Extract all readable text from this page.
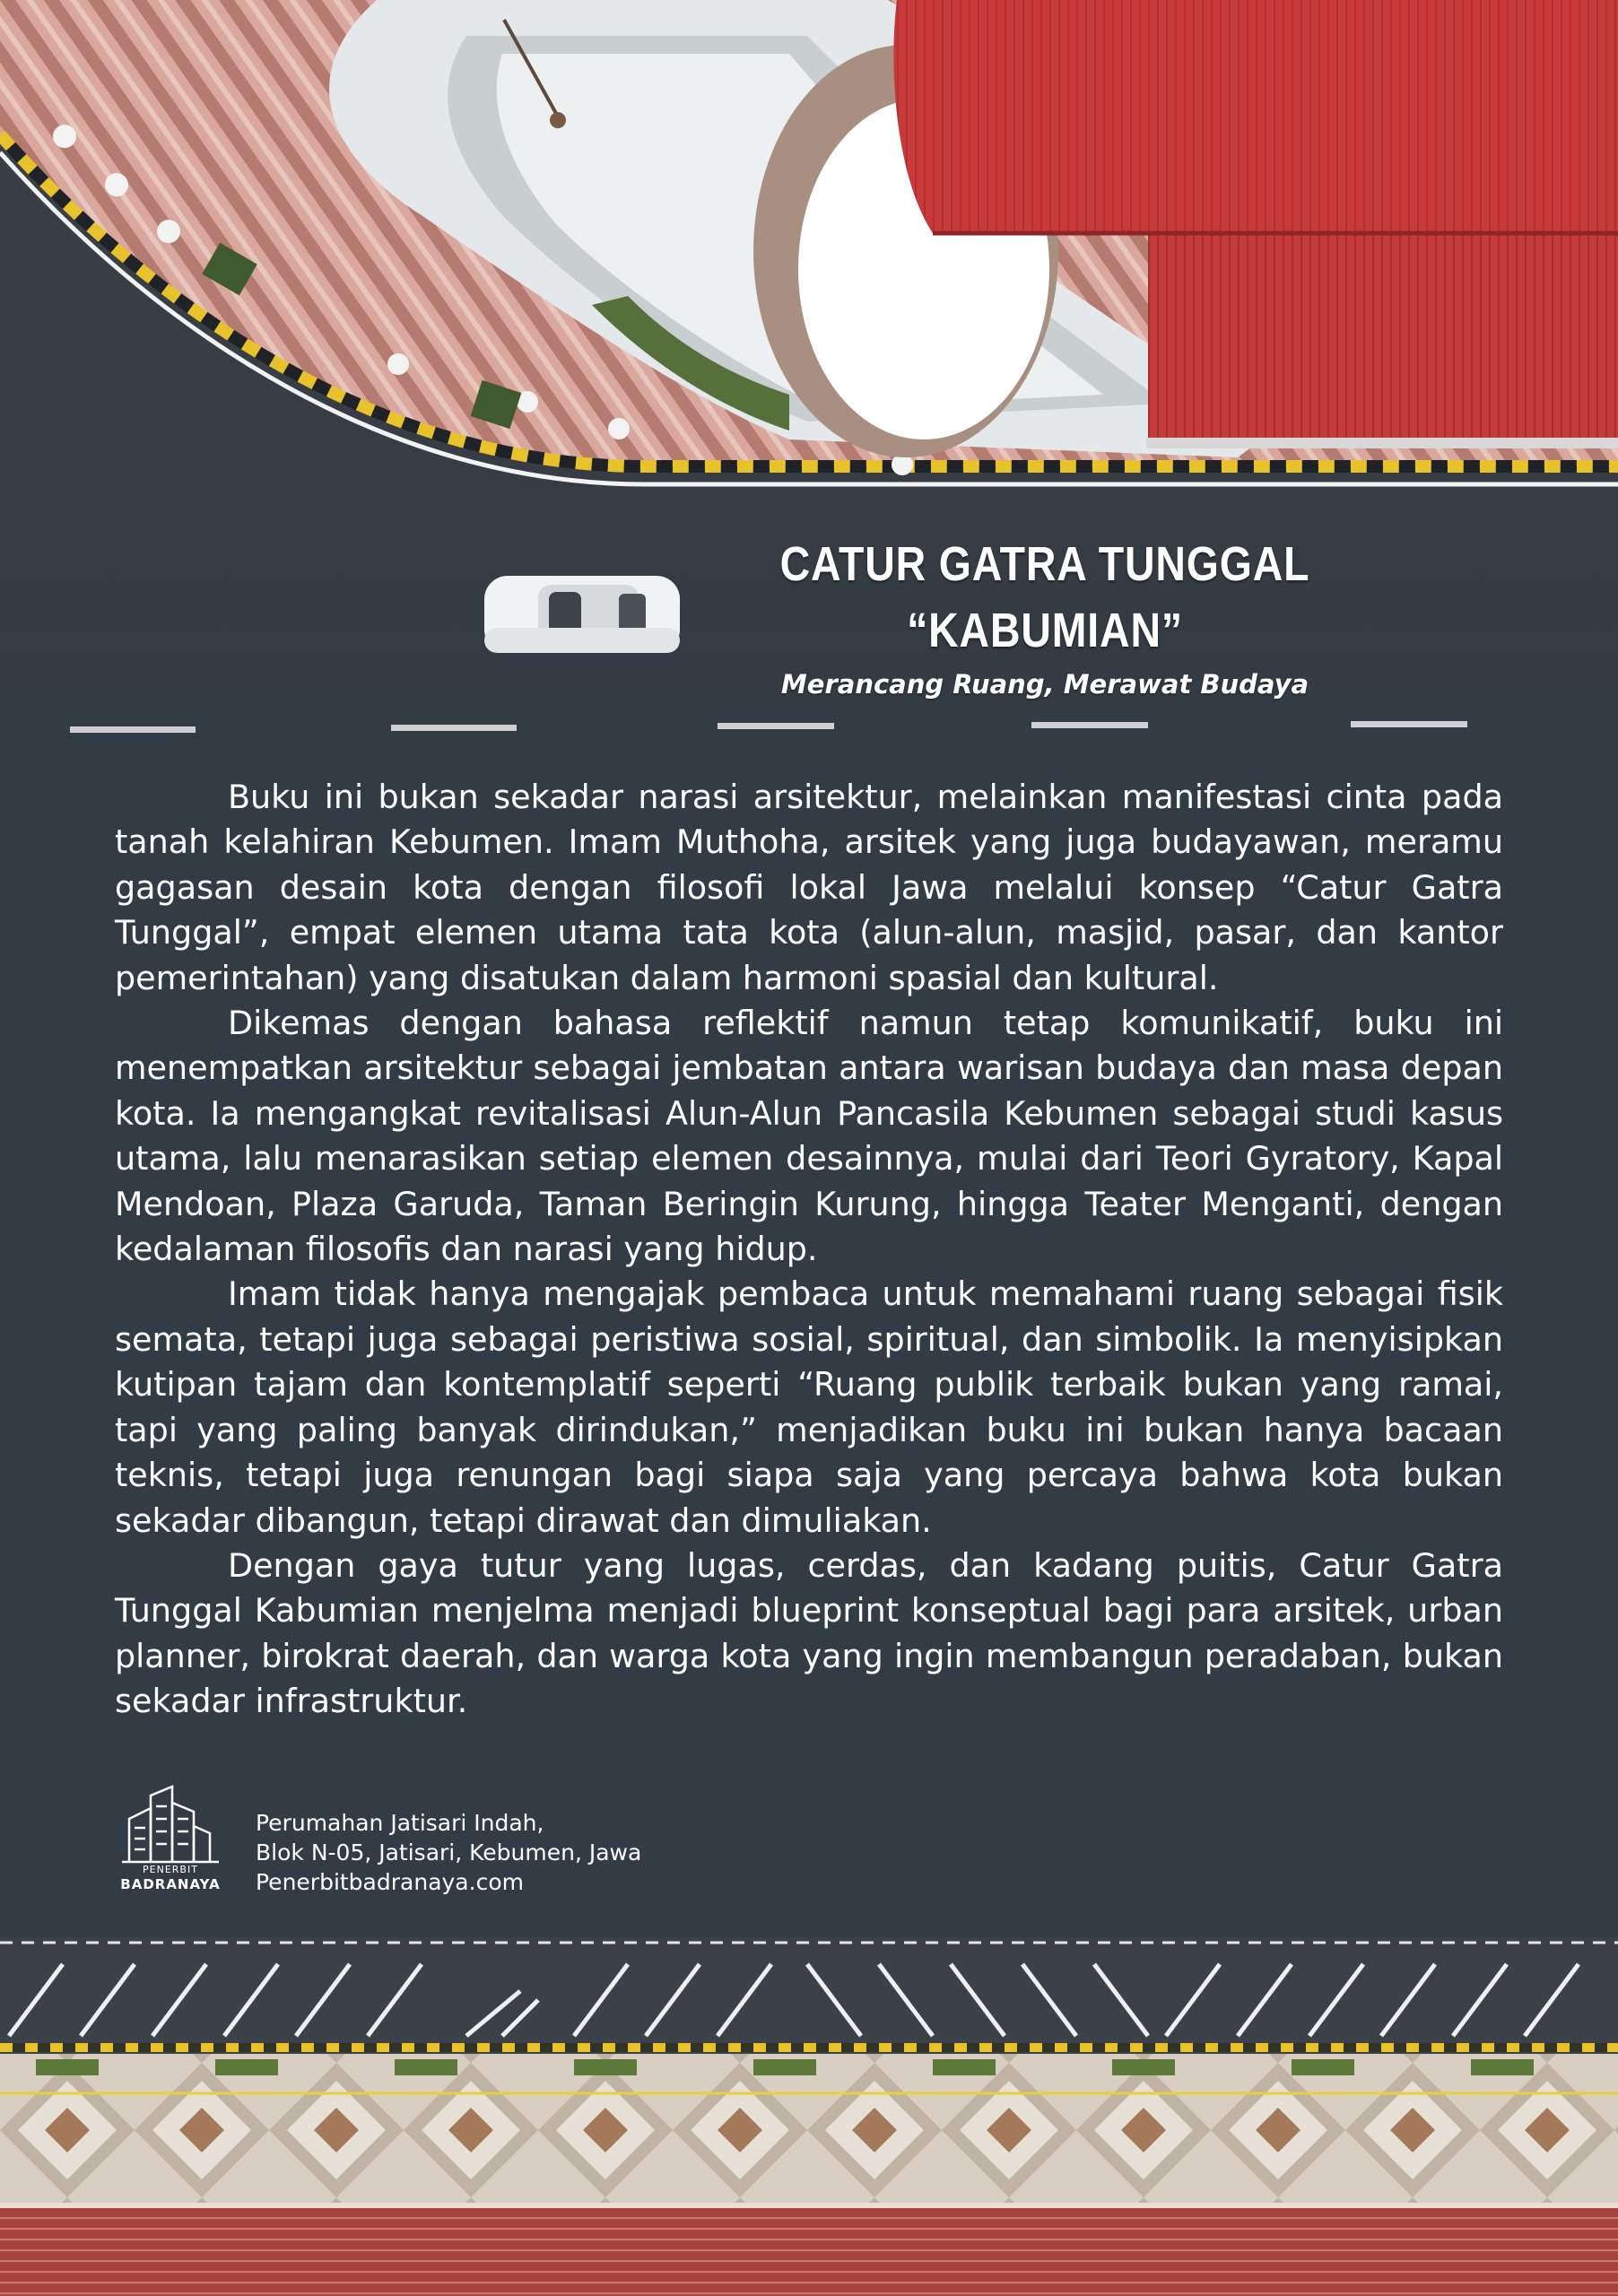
CATUR GATRA TUNGGAL
“KABUMIAN”
Merancang Ruang, Merawat Budaya

Buku ini bukan sekadar narasi arsitektur, melainkan manifestasi cinta pada tanah kelahiran Kebumen. Imam Muthoha, arsitek yang juga budayawan, meramu gagasan desain kota dengan filosofi lokal Jawa melalui konsep “Catur Gatra Tunggal”, empat elemen utama tata kota (alun-alun, masjid, pasar, dan kantor pemerintahan) yang disatukan dalam harmoni spasial dan kultural.

Dikemas dengan bahasa reflektif namun tetap komunikatif, buku ini menempatkan arsitektur sebagai jembatan antara warisan budaya dan masa depan kota. Ia mengangkat revitalisasi Alun-Alun Pancasila Kebumen sebagai studi kasus utama, lalu menarasikan setiap elemen desainnya, mulai dari Teori Gyratory, Kapal Mendoan, Plaza Garuda, Taman Beringin Kurung, hingga Teater Menganti, dengan kedalaman filosofis dan narasi yang hidup.

Imam tidak hanya mengajak pembaca untuk memahami ruang sebagai fisik semata, tetapi juga sebagai peristiwa sosial, spiritual, dan simbolik. Ia menyisipkan kutipan tajam dan kontemplatif seperti “Ruang publik terbaik bukan yang ramai, tapi yang paling banyak dirindukan,” menjadikan buku ini bukan hanya bacaan teknis, tetapi juga renungan bagi siapa saja yang percaya bahwa kota bukan sekadar dibangun, tetapi dirawat dan dimuliakan.

Dengan gaya tutur yang lugas, cerdas, dan kadang puitis, Catur Gatra Tunggal Kabumian menjelma menjadi blueprint konseptual bagi para arsitek, urban planner, birokrat daerah, dan warga kota yang ingin membangun peradaban, bukan sekadar infrastruktur.

PENERBIT
BADRANAYA
Perumahan Jatisari Indah,
Blok N-05, Jatisari, Kebumen, Jawa
Penerbitbadranaya.com
